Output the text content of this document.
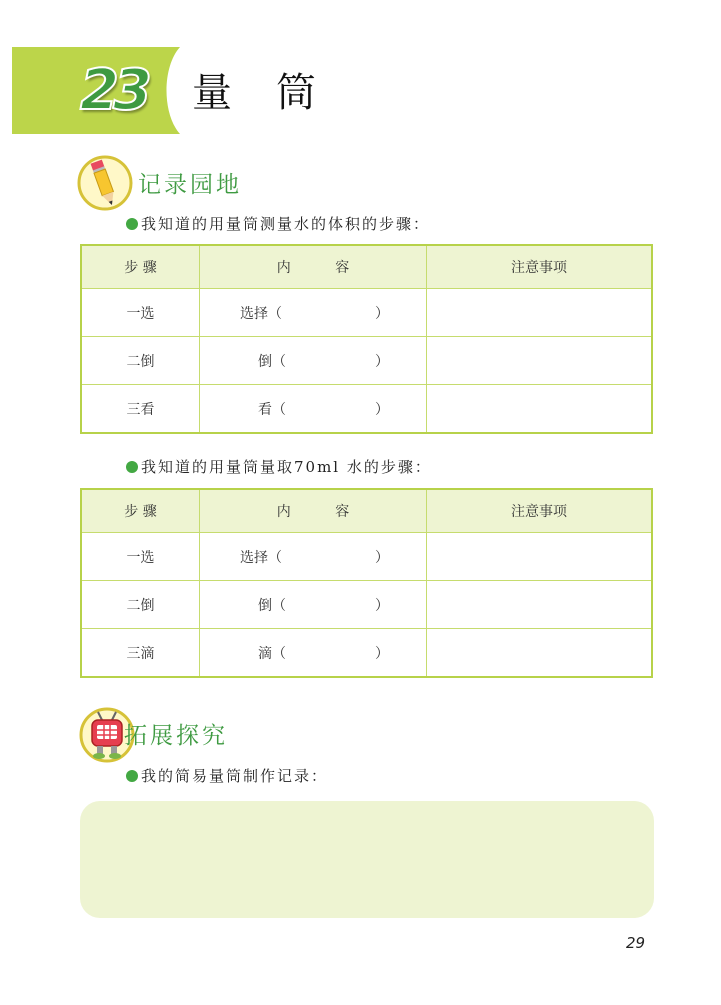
23 量筒
记录园地
我知道的用量筒测量水的体积的步骤：
步 骤	内          容	注意事项
一选	选择（ ）	

二倒	倒（ ）	

三看	看（ ）	

我知道的用量筒量取70ml 水的步骤：
步 骤	内          容	注意事项
一选	选择（ ）	

二倒	倒（ ）	

三滴	滴（ ）	

拓展探究
我的简易量筒制作记录：
29
